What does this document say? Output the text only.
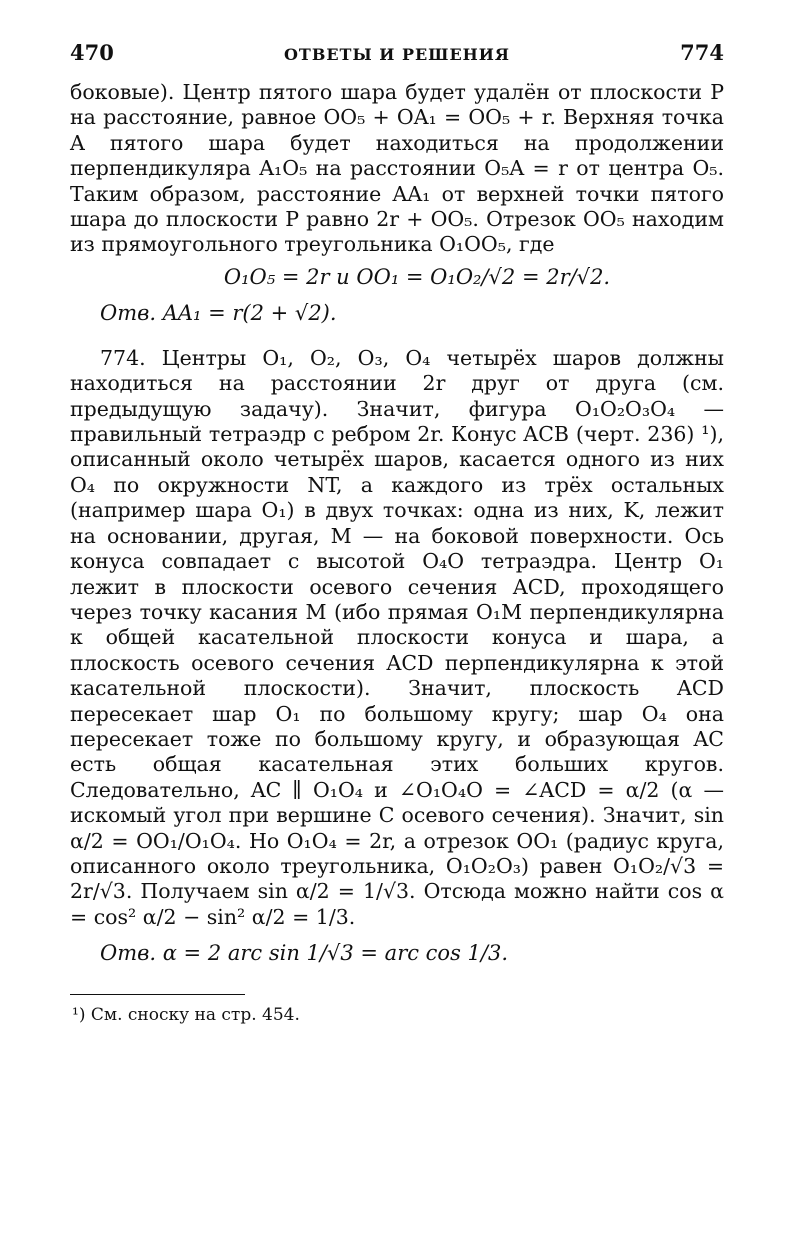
470	ОТВЕТЫ И РЕШЕНИЯ	774

боковые). Центр пятого шара будет удалён от плоскости P на расстояние, равное OO₅ + OA₁ = OO₅ + r. Верхняя точка A пятого шара будет находиться на продолжении перпендикуляра A₁O₅ на расстоянии O₅A = r от центра O₅. Таким образом, расстояние AA₁ от верхней точки пятого шара до плоскости P равно 2r + OO₅. Отрезок OO₅ находим из прямоугольного треугольника O₁OO₅, где

O₁O₅ = 2r и OO₁ = O₁O₂/√2 = 2r/√2.

Отв. AA₁ = r(2 + √2).

774. Центры O₁, O₂, O₃, O₄ четырёх шаров должны находиться на расстоянии 2r друг от друга (см. предыдущую задачу). Значит, фигура O₁O₂O₃O₄ — правильный тетраэдр с ребром 2r. Конус ACB (черт. 236) ¹), описанный около четырёх шаров, касается одного из них O₄ по окружности NT, а каждого из трёх остальных (например шара O₁) в двух точках: одна из них, K, лежит на основании, другая, M — на боковой поверхности. Ось конуса совпадает с высотой O₄O тетраэдра. Центр O₁ лежит в плоскости осевого сечения ACD, проходящего через точку касания M (ибо прямая O₁M перпендикулярна к общей касательной плоскости конуса и шара, а плоскость осевого сечения ACD перпендикулярна к этой касательной плоскости). Значит, плоскость ACD пересекает шар O₁ по большому кругу; шар O₄ она пересекает тоже по большому кругу, и образующая AC есть общая касательная этих больших кругов. Следовательно, AC ∥ O₁O₄ и ∠O₁O₄O = ∠ACD = α/2 (α — искомый угол при вершине C осевого сечения). Значит, sin α/2 = OO₁/O₁O₄. Но O₁O₄ = 2r, а отрезок OO₁ (радиус круга, описанного около треугольника, O₁O₂O₃) равен O₁O₂/√3 = 2r/√3. Получаем sin α/2 = 1/√3. Отсюда можно найти cos α = cos² α/2 − sin² α/2 = 1/3.

Отв. α = 2 arc sin 1/√3 = arc cos 1/3.

¹) См. сноску на стр. 454.
